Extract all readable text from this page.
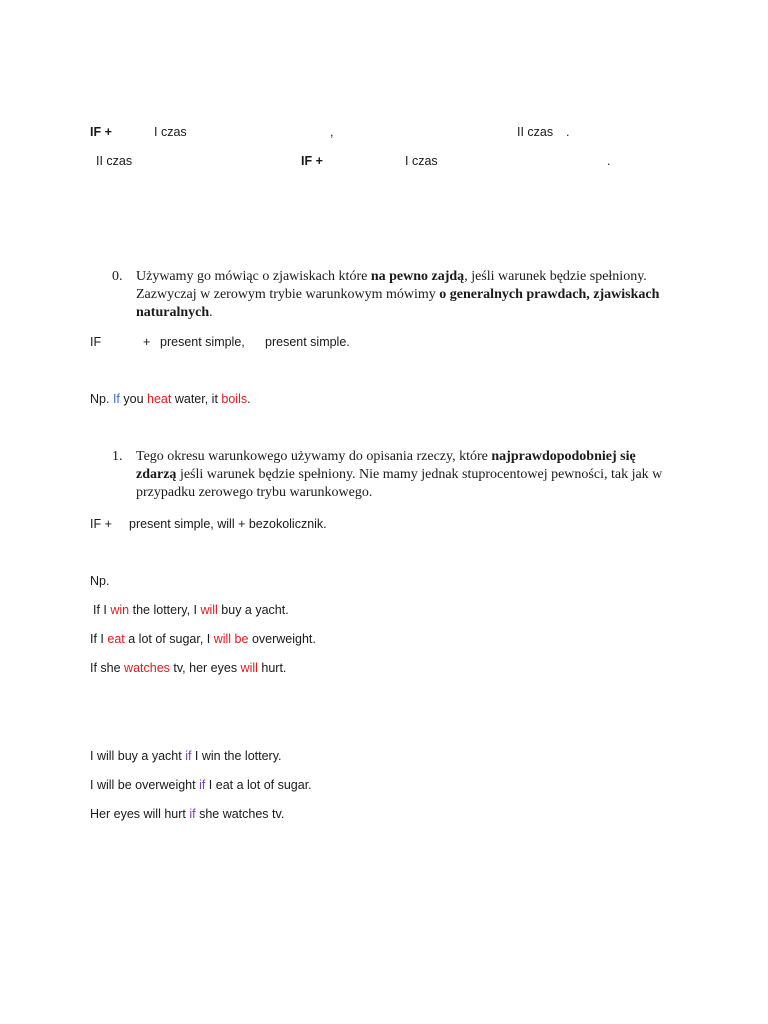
IF +	I czas	,	II czas .
II czas	IF +	I czas	.
0. Używamy go mówiąc o zjawiskach które na pewno zajdą, jeśli warunek będzie spełniony. Zazwyczaj w zerowym trybie warunkowym mówimy o generalnych prawdach, zjawiskach naturalnych.
IF	+ present simple, present simple.
Np. If you heat water, it boils.
1. Tego okresu warunkowego używamy do opisania rzeczy, które najprawdopodobniej się zdarzą jeśli warunek będzie spełniony. Nie mamy jednak stuprocentowej pewności, tak jak w przypadku zerowego trybu warunkowego.
IF + present simple, will + bezokolicznik.
Np.
If I win the lottery, I will buy a yacht.
If I eat a lot of sugar, I will be overweight.
If she watches tv, her eyes will hurt.
I will buy a yacht if I win the lottery.
I will be overweight if I eat a lot of sugar.
Her eyes will hurt if she watches tv.
